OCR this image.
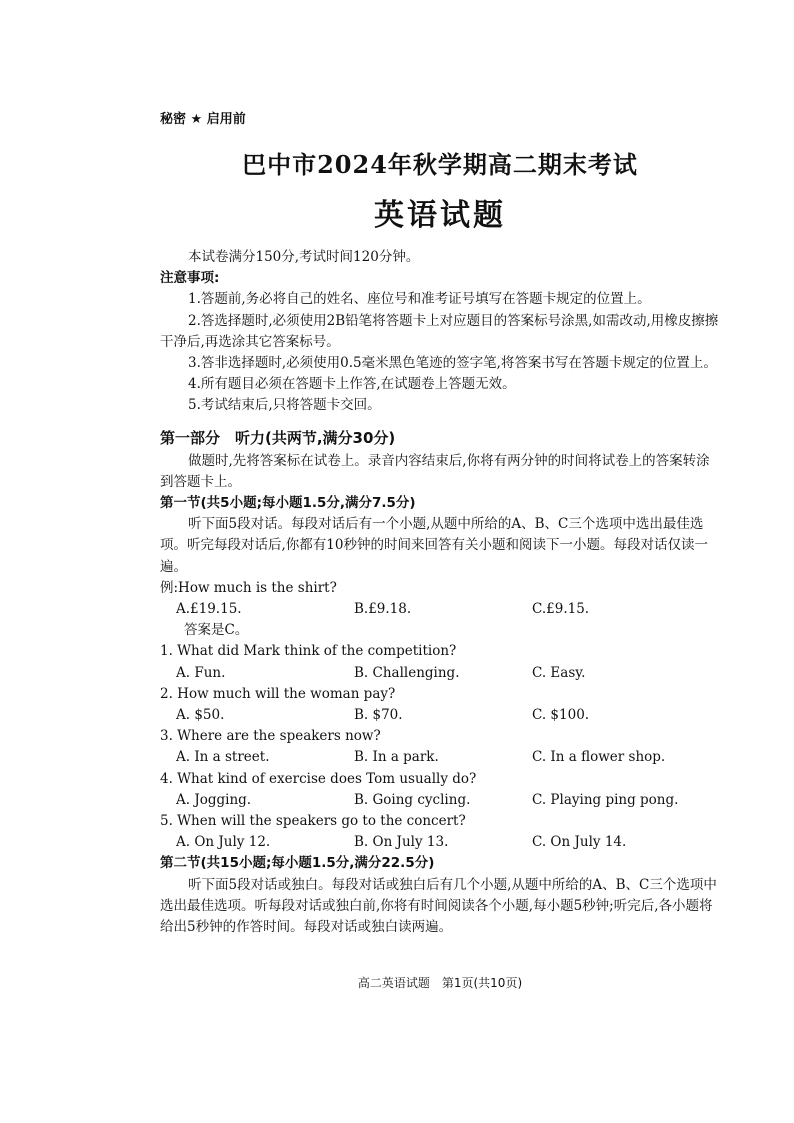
秘密 ★ 启用前
巴中市2024年秋学期高二期末考试
英语试题

本试卷满分150分,考试时间120分钟。

注意事项:

1.答题前,务必将自己的姓名、座位号和准考证号填写在答题卡规定的位置上。

2.答选择题时,必须使用2B铅笔将答题卡上对应题目的答案标号涂黑,如需改动,用橡皮擦擦干净后,再选涂其它答案标号。

3.答非选择题时,必须使用0.5毫米黑色笔迹的签字笔,将答案书写在答题卡规定的位置上。

4.所有题目必须在答题卡上作答,在试题卷上答题无效。

5.考试结束后,只将答题卡交回。

第一部分　听力(共两节,满分30分)

做题时,先将答案标在试卷上。录音内容结束后,你将有两分钟的时间将试卷上的答案转涂到答题卡上。

第一节(共5小题;每小题1.5分,满分7.5分)

听下面5段对话。每段对话后有一个小题,从题中所给的A、B、C三个选项中选出最佳选项。听完每段对话后,你都有10秒钟的时间来回答有关小题和阅读下一小题。每段对话仅读一遍。

例:How much is the shirt?

A.£19.15.	B.£9.18.	C.£9.15.

答案是C。

1. What did Mark think of the competition?

A. Fun.	B. Challenging.	C. Easy.

2. How much will the woman pay?

A. $50.	B. $70.	C. $100.

3. Where are the speakers now?

A. In a street.	B. In a park.	C. In a flower shop.

4. What kind of exercise does Tom usually do?

A. Jogging.	B. Going cycling.	C. Playing ping pong.

5. When will the speakers go to the concert?

A. On July 12.	B. On July 13.	C. On July 14.

第二节(共15小题;每小题1.5分,满分22.5分)

听下面5段对话或独白。每段对话或独白后有几个小题,从题中所给的A、B、C三个选项中选出最佳选项。听每段对话或独白前,你将有时间阅读各个小题,每小题5秒钟;听完后,各小题将给出5秒钟的作答时间。每段对话或独白读两遍。

高二英语试题　第1页(共10页)
